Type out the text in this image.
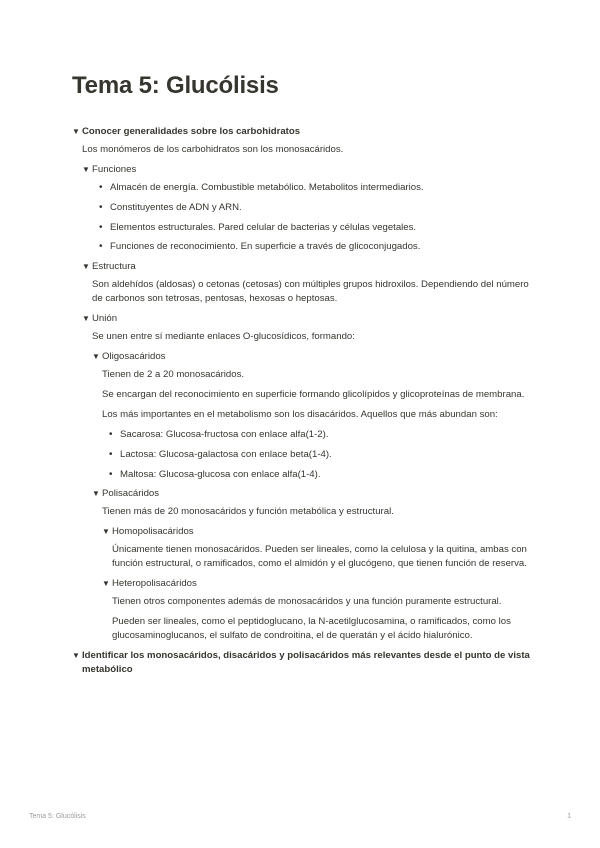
Tema 5: Glucólisis
▼ Conocer generalidades sobre los carbohidratos

Los monómeros de los carbohidratos son los monosacáridos.

▼ Funciones
• Almacén de energía. Combustible metabólico. Metabolitos intermediarios.
• Constituyentes de ADN y ARN.
• Elementos estructurales. Pared celular de bacterias y células vegetales.
• Funciones de reconocimiento. En superficie a través de glicoconjugados.
▼ Estructura

Son aldehídos (aldosas) o cetonas (cetosas) con múltiples grupos hidroxilos. Dependiendo del número de carbonos son tetrosas, pentosas, hexosas o heptosas.

▼ Unión

Se unen entre sí mediante enlaces O-glucosídicos, formando:

▼ Oligosacáridos

Tienen de 2 a 20 monosacáridos.

Se encargan del reconocimiento en superficie formando glicolípidos y glicoproteínas de membrana.

Los más importantes en el metabolismo son los disacáridos. Aquellos que más abundan son:

• Sacarosa: Glucosa-fructosa con enlace alfa(1-2).
• Lactosa: Glucosa-galactosa con enlace beta(1-4).
• Maltosa: Glucosa-glucosa con enlace alfa(1-4).
▼ Polisacáridos

Tienen más de 20 monosacáridos y función metabólica y estructural.

▼ Homopolisacáridos

Únicamente tienen monosacáridos. Pueden ser lineales, como la celulosa y la quitina, ambas con función estructural, o ramificados, como el almidón y el glucógeno, que tienen función de reserva.

▼ Heteropolisacáridos

Tienen otros componentes además de monosacáridos y una función puramente estructural.

Pueden ser lineales, como el peptidoglucano, la N-acetilglucosamina, o ramificados, como los glucosaminoglucanos, el sulfato de condroitina, el de queratán y el ácido hialurónico.

▼ Identificar los monosacáridos, disacáridos y polisacáridos más relevantes desde el punto de vista metabólico
Tema 5: Glucólisis	1
